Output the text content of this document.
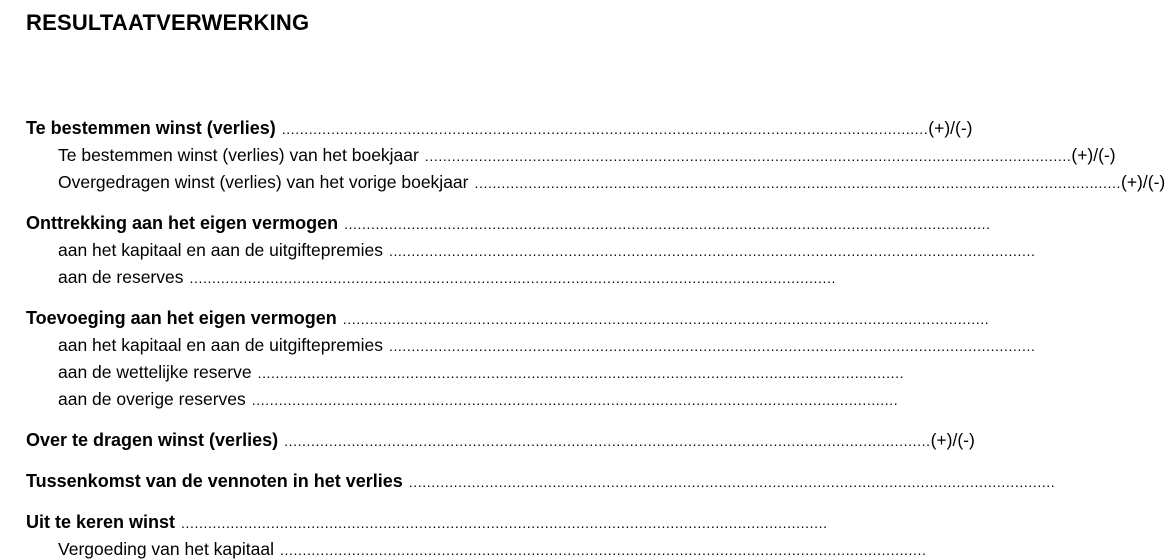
RESULTAATVERWERKING
Te bestemmen winst (verlies) ................................................................................................................................................ (+)/(-)
Te bestemmen winst (verlies) van het boekjaar ................................................................................................................................................ (+)/(-)
Overgedragen winst (verlies) van het vorige boekjaar ................................................................................................................................................ (+)/(-)
Onttrekking aan het eigen vermogen ................................................................................................................................................
aan het kapitaal en aan de uitgiftepremies ................................................................................................................................................
aan de reserves ................................................................................................................................................
Toevoeging aan het eigen vermogen ................................................................................................................................................
aan het kapitaal en aan de uitgiftepremies ................................................................................................................................................
aan de wettelijke reserve ................................................................................................................................................
aan de overige reserves ................................................................................................................................................
Over te dragen winst (verlies) ................................................................................................................................................ (+)/(-)
Tussenkomst van de vennoten in het verlies ................................................................................................................................................
Uit te keren winst ................................................................................................................................................
Vergoeding van het kapitaal ................................................................................................................................................
